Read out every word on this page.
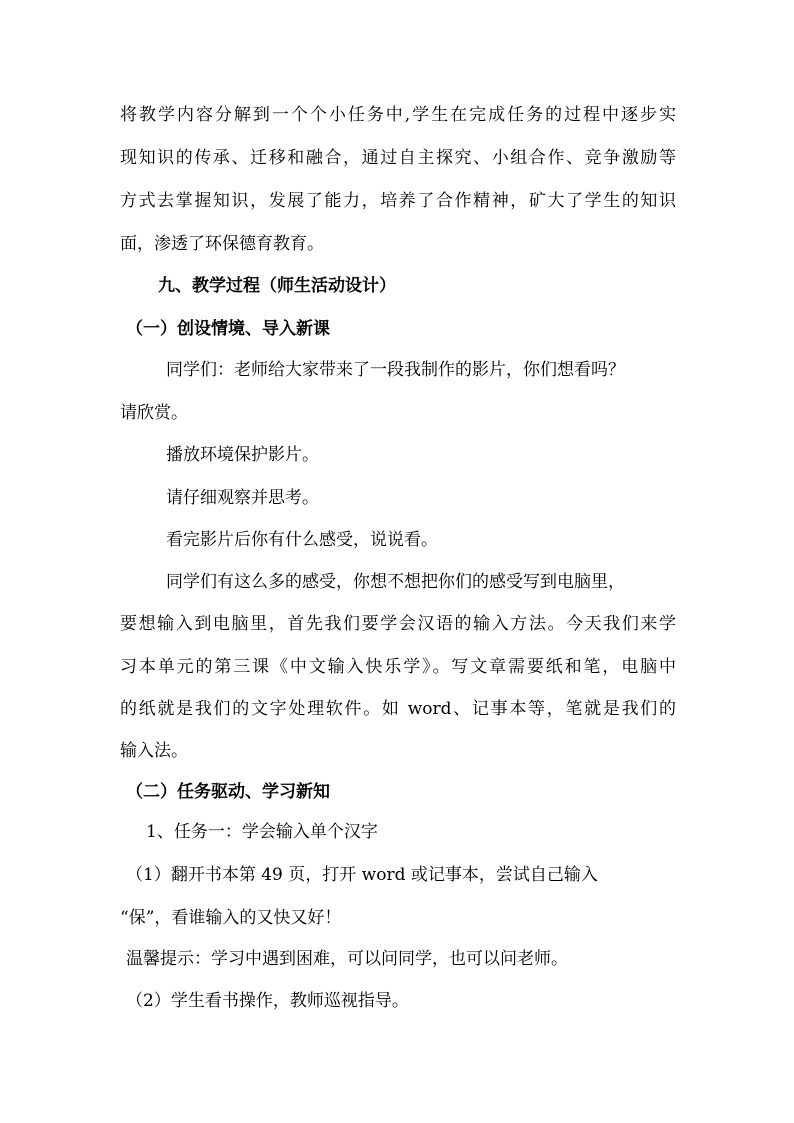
将教学内容分解到一个个小任务中,学生在完成任务的过程中逐步实
现知识的传承、迁移和融合，通过自主探究、小组合作、竞争激励等
方式去掌握知识，发展了能力，培养了合作精神，矿大了学生的知识
面，渗透了环保德育教育。
九、教学过程（师生活动设计）
（一）创设情境、导入新课
同学们：老师给大家带来了一段我制作的影片，你们想看吗？
请欣赏。
播放环境保护影片。
请仔细观察并思考。
看完影片后你有什么感受，说说看。
同学们有这么多的感受，你想不想把你们的感受写到电脑里，
要想输入到电脑里，首先我们要学会汉语的输入方法。今天我们来学
习本单元的第三课《中文输入快乐学》。写文章需要纸和笔，电脑中
的纸就是我们的文字处理软件。如 word、记事本等，笔就是我们的
输入法。
（二）任务驱动、学习新知
1、任务一：学会输入单个汉字
（1）翻开书本第 49 页，打开 word 或记事本，尝试自己输入
“保”，看谁输入的又快又好！
温馨提示：学习中遇到困难，可以问同学，也可以问老师。
（2）学生看书操作，教师巡视指导。
